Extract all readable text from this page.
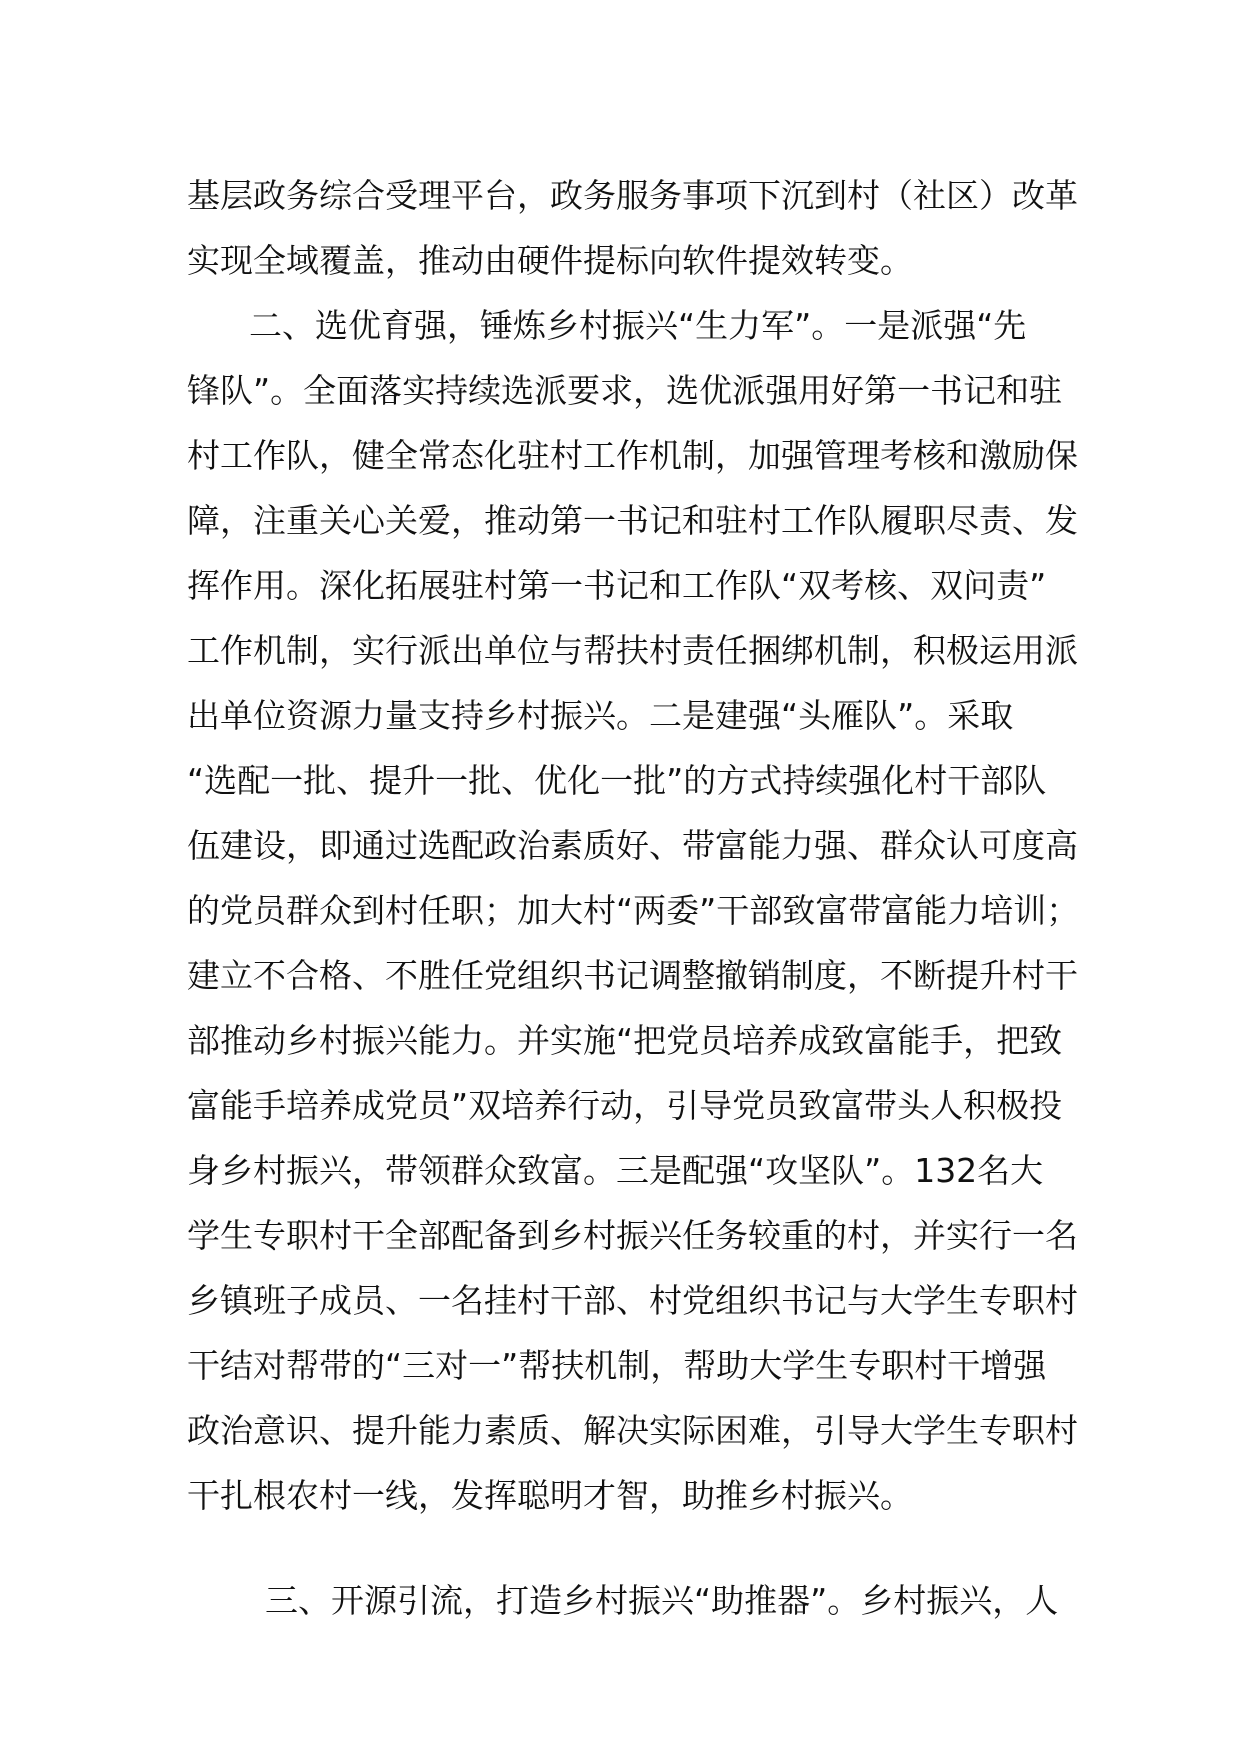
基层政务综合受理平台，政务服务事项下沉到村（社区）改革
实现全域覆盖，推动由硬件提标向软件提效转变。
二、选优育强，锤炼乡村振兴“生力军”。一是派强“先
锋队”。全面落实持续选派要求，选优派强用好第一书记和驻
村工作队，健全常态化驻村工作机制，加强管理考核和激励保
障，注重关心关爱，推动第一书记和驻村工作队履职尽责、发
挥作用。深化拓展驻村第一书记和工作队“双考核、双问责”
工作机制，实行派出单位与帮扶村责任捆绑机制，积极运用派
出单位资源力量支持乡村振兴。二是建强“头雁队”。采取
“选配一批、提升一批、优化一批”的方式持续强化村干部队
伍建设，即通过选配政治素质好、带富能力强、群众认可度高
的党员群众到村任职；加大村“两委”干部致富带富能力培训；
建立不合格、不胜任党组织书记调整撤销制度，不断提升村干
部推动乡村振兴能力。并实施“把党员培养成致富能手，把致
富能手培养成党员”双培养行动，引导党员致富带头人积极投
身乡村振兴，带领群众致富。三是配强“攻坚队”。132名大
学生专职村干全部配备到乡村振兴任务较重的村，并实行一名
乡镇班子成员、一名挂村干部、村党组织书记与大学生专职村
干结对帮带的“三对一”帮扶机制，帮助大学生专职村干增强
政治意识、提升能力素质、解决实际困难，引导大学生专职村
干扎根农村一线，发挥聪明才智，助推乡村振兴。
三、开源引流，打造乡村振兴“助推器”。乡村振兴，人
